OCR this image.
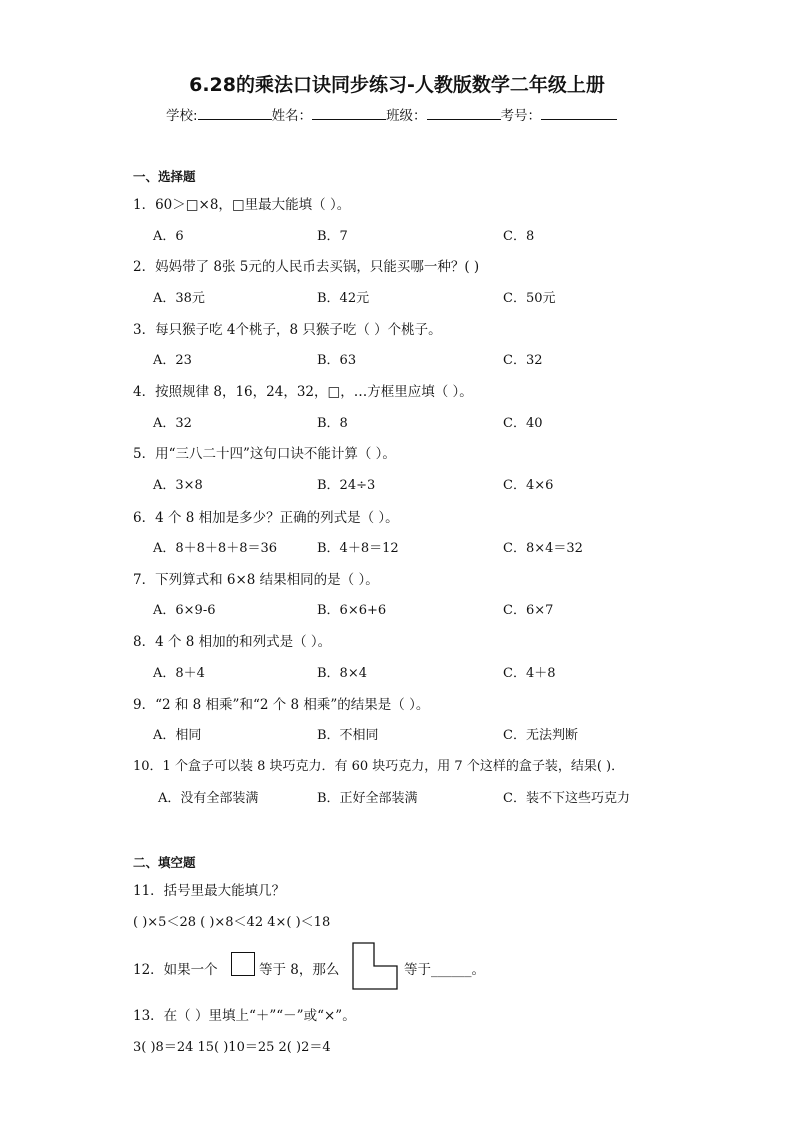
6.28的乘法口诀同步练习-人教版数学二年级上册
学校:	姓名：	班级：	考号：
一、选择题
1．60＞□×8，□里最大能填（ ）。
A．6	B．7	C．8
2．妈妈带了 8张 5元的人民币去买锅，只能买哪一种？( )
A．38元	B．42元	C．50元
3．每只猴子吃 4个桃子，8 只猴子吃（ ）个桃子。
A．23	B．63	C．32
4．按照规律 8，16，24，32，□，…方框里应填（ ）。
A．32	B．8	C．40
5．用“三八二十四”这句口诀不能计算（ ）。
A．3×8	B．24÷3	C．4×6
6．4 个 8 相加是多少？正确的列式是（ ）。
A．8＋8＋8＋8＝36	B．4＋8＝12	C．8×4＝32
7．下列算式和 6×8 结果相同的是（ ）。
A．6×9-6	B．6×6+6	C．6×7
8．4 个 8 相加的和列式是（ ）。
A．8＋4	B．8×4	C．4＋8
9．“2 和 8 相乘”和“2 个 8 相乘”的结果是（ ）。
A．相同	B．不相同	C．无法判断
10．1 个盒子可以装 8 块巧克力．有 60 块巧克力，用 7 个这样的盒子装，结果( )．
A．没有全部装满	B．正好全部装满	C．装不下这些巧克力
二、填空题
11．括号里最大能填几？
( )×5＜28 ( )×8＜42 4×( )＜18
12．如果一个	等于 8，那么	等于______。
13．在（ ）里填上“＋”“－”或“×”。
3( )8＝24 15( )10＝25 2( )2＝4
